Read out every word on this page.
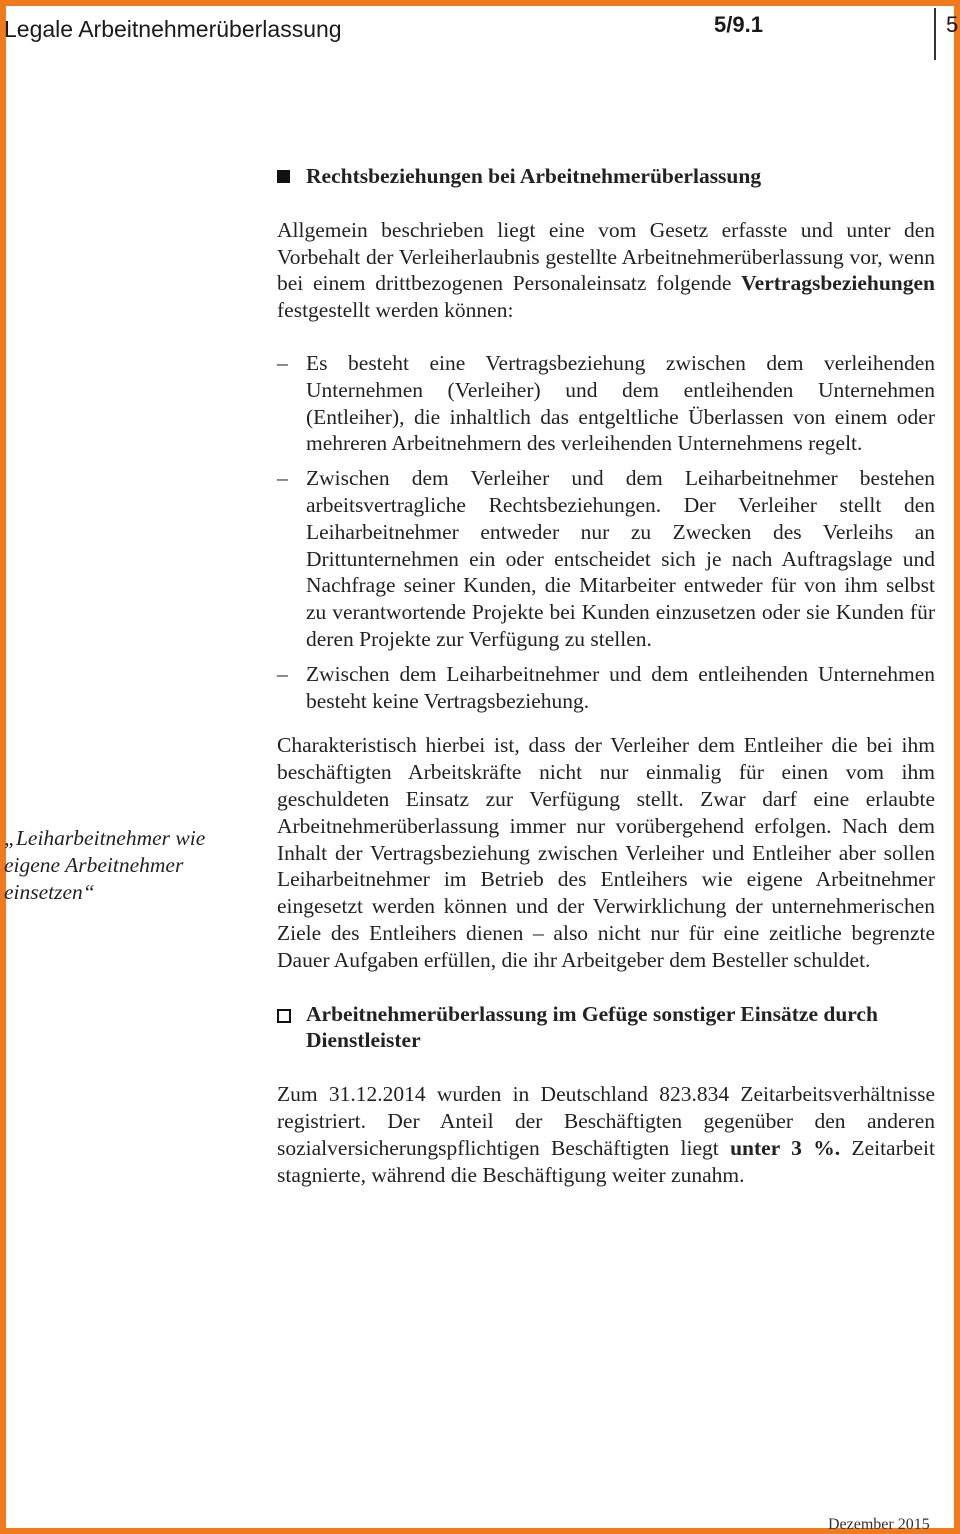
Legale Arbeitnehmerüberlassung	5/9.1	5
„Leiharbeitnehmer wie
eigene Arbeitnehmer
einsetzen“
Rechtsbeziehungen bei Arbeitnehmerüberlassung

Allgemein beschrieben liegt eine vom Gesetz erfasste und unter den Vorbehalt der Verleiherlaubnis gestellte Arbeitnehmerüberlassung vor, wenn bei einem drittbezogenen Personaleinsatz folgende Vertragsbeziehungen festgestellt werden können:

– Es besteht eine Vertragsbeziehung zwischen dem verleihenden Unternehmen (Verleiher) und dem entleihenden Unternehmen (Entleiher), die inhaltlich das entgeltliche Überlassen von einem oder mehreren Arbeitnehmern des verleihenden Unternehmens regelt.

– Zwischen dem Verleiher und dem Leiharbeitnehmer bestehen arbeitsvertragliche Rechtsbeziehungen. Der Verleiher stellt den Leiharbeitnehmer entweder nur zu Zwecken des Verleihs an Drittunternehmen ein oder entscheidet sich je nach Auftragslage und Nachfrage seiner Kunden, die Mitarbeiter entweder für von ihm selbst zu verantwortende Projekte bei Kunden einzusetzen oder sie Kunden für deren Projekte zur Verfügung zu stellen.

– Zwischen dem Leiharbeitnehmer und dem entleihenden Unternehmen besteht keine Vertragsbeziehung.

Charakteristisch hierbei ist, dass der Verleiher dem Entleiher die bei ihm beschäftigten Arbeitskräfte nicht nur einmalig für einen vom ihm geschuldeten Einsatz zur Verfügung stellt. Zwar darf eine erlaubte Arbeitnehmerüberlassung immer nur vorübergehend erfolgen. Nach dem Inhalt der Vertragsbeziehung zwischen Verleiher und Entleiher aber sollen Leiharbeitnehmer im Betrieb des Entleihers wie eigene Arbeitnehmer eingesetzt werden können und der Verwirklichung der unternehmerischen Ziele des Entleihers dienen – also nicht nur für eine zeitliche begrenzte Dauer Aufgaben erfüllen, die ihr Arbeitgeber dem Besteller schuldet.

Arbeitnehmerüberlassung im Gefüge sonstiger Einsätze durch Dienstleister

Zum 31.12.2014 wurden in Deutschland 823.834 Zeitarbeitsverhältnisse registriert. Der Anteil der Beschäftigten gegenüber den anderen sozialversicherungspflichtigen Beschäftigten liegt unter 3 %. Zeitarbeit stagnierte, während die Beschäftigung weiter zunahm.

Dezember 2015
